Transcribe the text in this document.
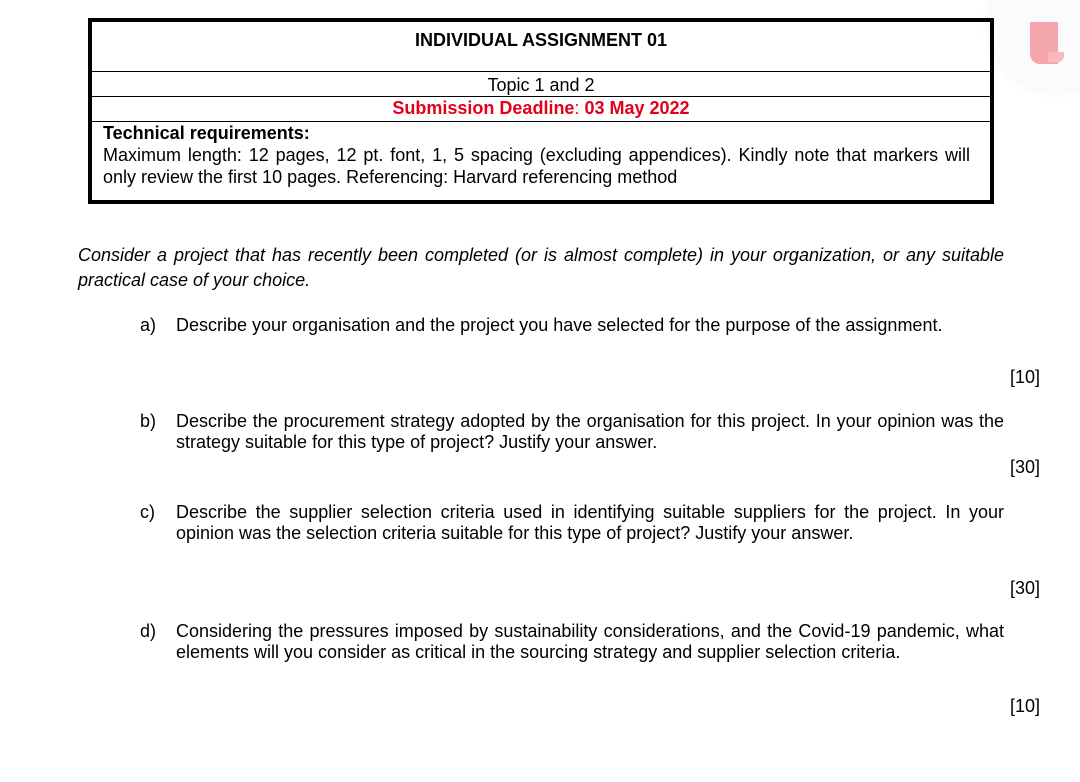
INDIVIDUAL ASSIGNMENT 01
Topic 1 and 2
Submission Deadline: 03 May 2022
Technical requirements:
Maximum length: 12 pages, 12 pt. font, 1, 5 spacing (excluding appendices). Kindly note that markers will only review the first 10 pages. Referencing: Harvard referencing method
Consider a project that has recently been completed (or is almost complete) in your organization, or any suitable practical case of your choice.
a) Describe your organisation and the project you have selected for the purpose of the assignment.
[10]
b) Describe the procurement strategy adopted by the organisation for this project. In your opinion was the strategy suitable for this type of project? Justify your answer.
[30]
c) Describe the supplier selection criteria used in identifying suitable suppliers for the project. In your opinion was the selection criteria suitable for this type of project? Justify your answer.
[30]
d) Considering the pressures imposed by sustainability considerations, and the Covid-19 pandemic, what elements will you consider as critical in the sourcing strategy and supplier selection criteria.
[10]
